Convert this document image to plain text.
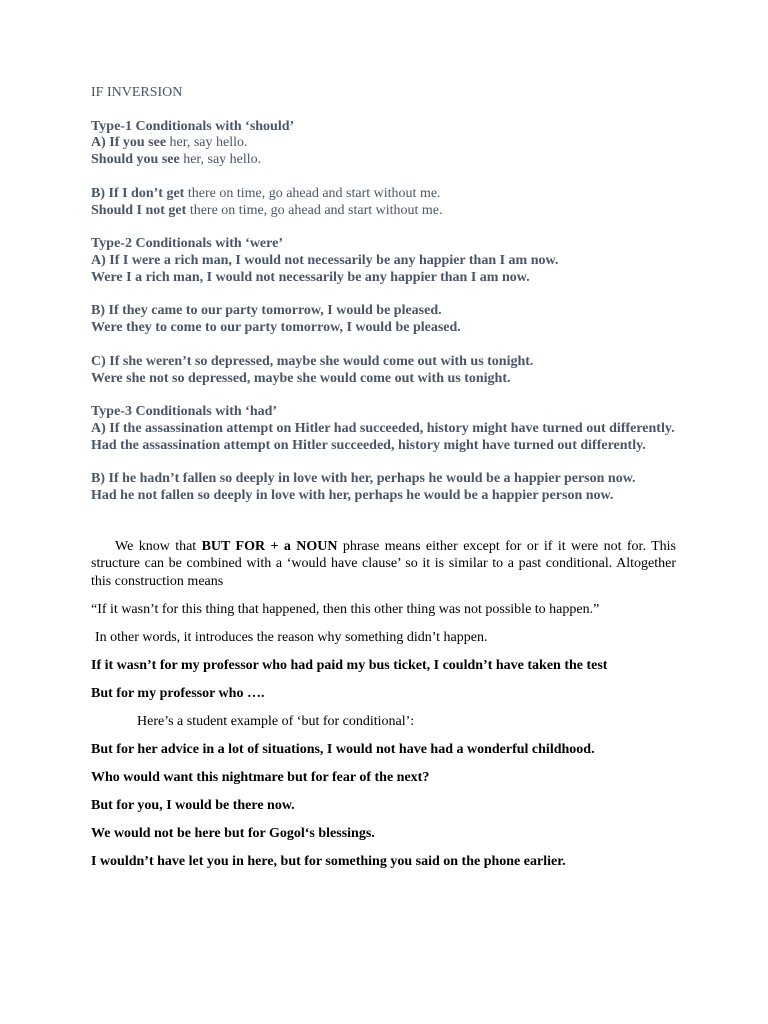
IF INVERSION

Type-1 Conditionals with ‘should’

A) If you see her, say hello.

Should you see her, say hello.

B) If I don’t get there on time, go ahead and start without me.

Should I not get there on time, go ahead and start without me.

Type-2 Conditionals with ‘were’

A) If I were a rich man, I would not necessarily be any happier than I am now.

Were I a rich man, I would not necessarily be any happier than I am now.

B) If they came to our party tomorrow, I would be pleased.

Were they to come to our party tomorrow, I would be pleased.

C) If she weren’t so depressed, maybe she would come out with us tonight.

Were she not so depressed, maybe she would come out with us tonight.

Type-3 Conditionals with ‘had’

A) If the assassination attempt on Hitler had succeeded, history might have turned out differently.

Had the assassination attempt on Hitler succeeded, history might have turned out differently.

B) If he hadn’t fallen so deeply in love with her, perhaps he would be a happier person now.

Had he not fallen so deeply in love with her, perhaps he would be a happier person now.

We know that BUT FOR + a NOUN phrase means either except for or if it were not for. This structure can be combined with a ‘would have clause’ so it is similar to a past conditional. Altogether this construction means

“If it wasn’t for this thing that happened, then this other thing was not possible to happen.”

In other words, it introduces the reason why something didn’t happen.

If it wasn’t for my professor who had paid my bus ticket, I couldn’t have taken the test

But for my professor who ….

Here’s a student example of ‘but for conditional’:

But for her advice in a lot of situations, I would not have had a wonderful childhood.

Who would want this nightmare but for fear of the next?

But for you, I would be there now.

We would not be here but for Gogol‘s blessings.

I wouldn’t have let you in here, but for something you said on the phone earlier.
